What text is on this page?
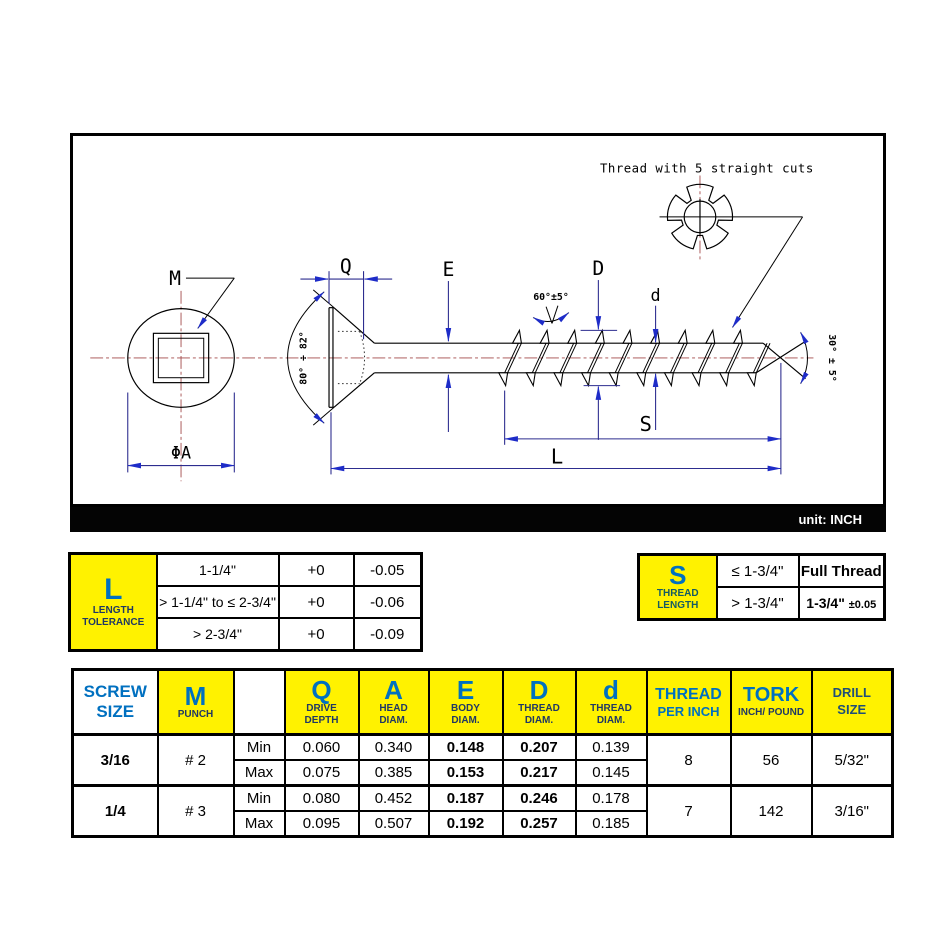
Thread with 5 straight cuts
M
Q	E	D
d
S
L
ΦA
80° ÷ 82°
60°±5°
30° ± 5°
unit: INCH
L
LENGTH
TOLERANCE	1-1/4"	+0	-0.05
	> 1-1/4" to ≤ 2-3/4"	+0	-0.06
	> 2-3/4"	+0	-0.09
S
THREAD
LENGTH	≤ 1-3/4"	Full Thread
	> 1-3/4"	1-3/4" ±0.05
SCREW
SIZE

M
PUNCH

Q
DRIVE
DEPTH

A
HEAD
DIAM.

E
BODY
DIAM.

D
THREAD
DIAM.

d
THREAD
DIAM.

THREAD
PER INCH

TORK
INCH/ POUND

DRILL
SIZE

3/16	# 2	Min	0.060	0.340	0.148	0.207	0.139	8	56	5/32"
		Max	0.075	0.385	0.153	0.217	0.145			
1/4	# 3	Min	0.080	0.452	0.187	0.246	0.178	7	142	3/16"
		Max	0.095	0.507	0.192	0.257	0.185			
